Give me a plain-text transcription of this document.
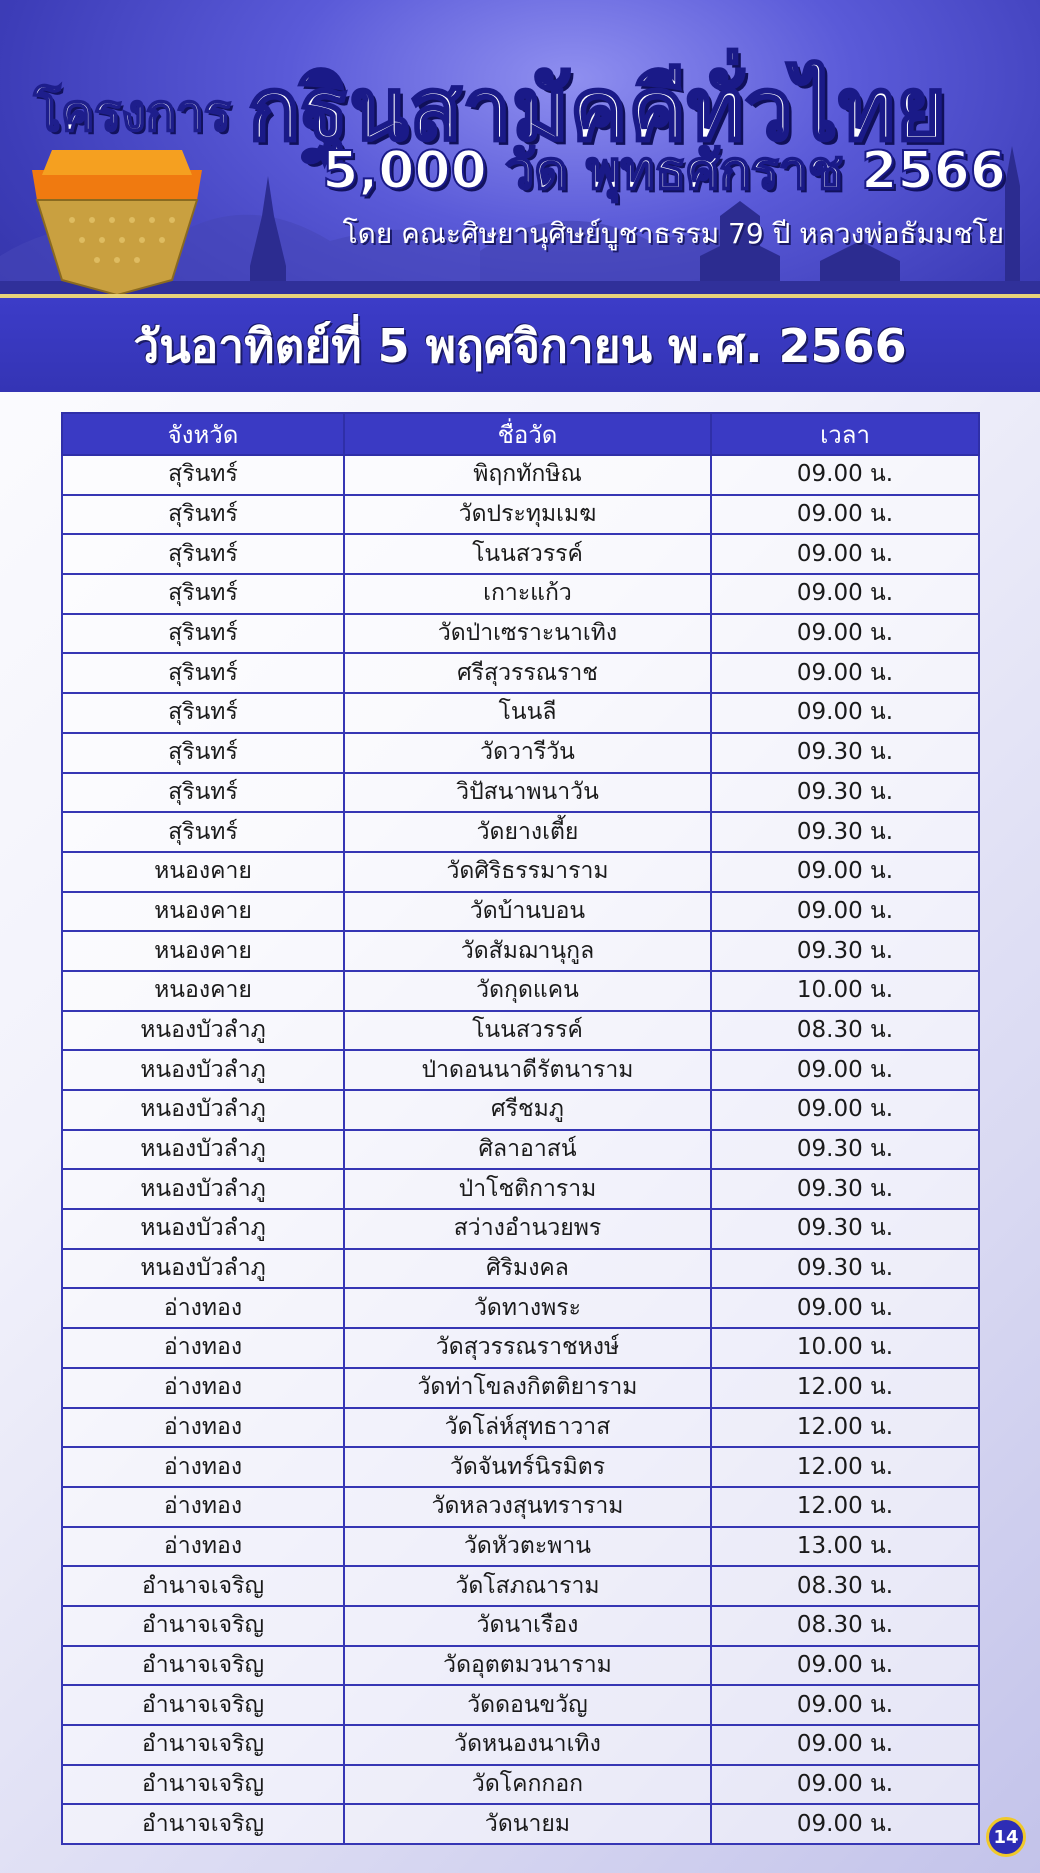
โครงการ กฐินสามัคคีทั่วไทย
5,000 วัด พุทธศักราช 2566
โดย คณะศิษยานุศิษย์บูชาธรรม 79 ปี หลวงพ่อธัมมชโย
วันอาทิตย์ที่ 5 พฤศจิกายน พ.ศ. 2566
จังหวัด	ชื่อวัด	เวลา
สุรินทร์	พิฤกทักษิณ	09.00 น.
สุรินทร์	วัดประทุมเมฆ	09.00 น.
สุรินทร์	โนนสวรรค์	09.00 น.
สุรินทร์	เกาะแก้ว	09.00 น.
สุรินทร์	วัดป่าเซราะนาเทิง	09.00 น.
สุรินทร์	ศรีสุวรรณราช	09.00 น.
สุรินทร์	โนนลี	09.00 น.
สุรินทร์	วัดวารีวัน	09.30 น.
สุรินทร์	วิปัสนาพนาวัน	09.30 น.
สุรินทร์	วัดยางเตี้ย	09.30 น.
หนองคาย	วัดศิริธรรมาราม	09.00 น.
หนองคาย	วัดบ้านบอน	09.00 น.
หนองคาย	วัดสัมฌานุกูล	09.30 น.
หนองคาย	วัดกุดแคน	10.00 น.
หนองบัวลำภู	โนนสวรรค์	08.30 น.
หนองบัวลำภู	ป่าดอนนาดีรัตนาราม	09.00 น.
หนองบัวลำภู	ศรีชมภู	09.00 น.
หนองบัวลำภู	ศิลาอาสน์	09.30 น.
หนองบัวลำภู	ป่าโชติการาม	09.30 น.
หนองบัวลำภู	สว่างอำนวยพร	09.30 น.
หนองบัวลำภู	ศิริมงคล	09.30 น.
อ่างทอง	วัดทางพระ	09.00 น.
อ่างทอง	วัดสุวรรณราชหงษ์	10.00 น.
อ่างทอง	วัดท่าโขลงกิตติยาราม	12.00 น.
อ่างทอง	วัดโล่ห์สุทธาวาส	12.00 น.
อ่างทอง	วัดจันทร์นิรมิตร	12.00 น.
อ่างทอง	วัดหลวงสุนทราราม	12.00 น.
อ่างทอง	วัดหัวตะพาน	13.00 น.
อำนาจเจริญ	วัดโสภณาราม	08.30 น.
อำนาจเจริญ	วัดนาเรือง	08.30 น.
อำนาจเจริญ	วัดอุตตมวนาราม	09.00 น.
อำนาจเจริญ	วัดดอนขวัญ	09.00 น.
อำนาจเจริญ	วัดหนองนาเทิง	09.00 น.
อำนาจเจริญ	วัดโคกกอก	09.00 น.
อำนาจเจริญ	วัดนายม	09.00 น.
14
